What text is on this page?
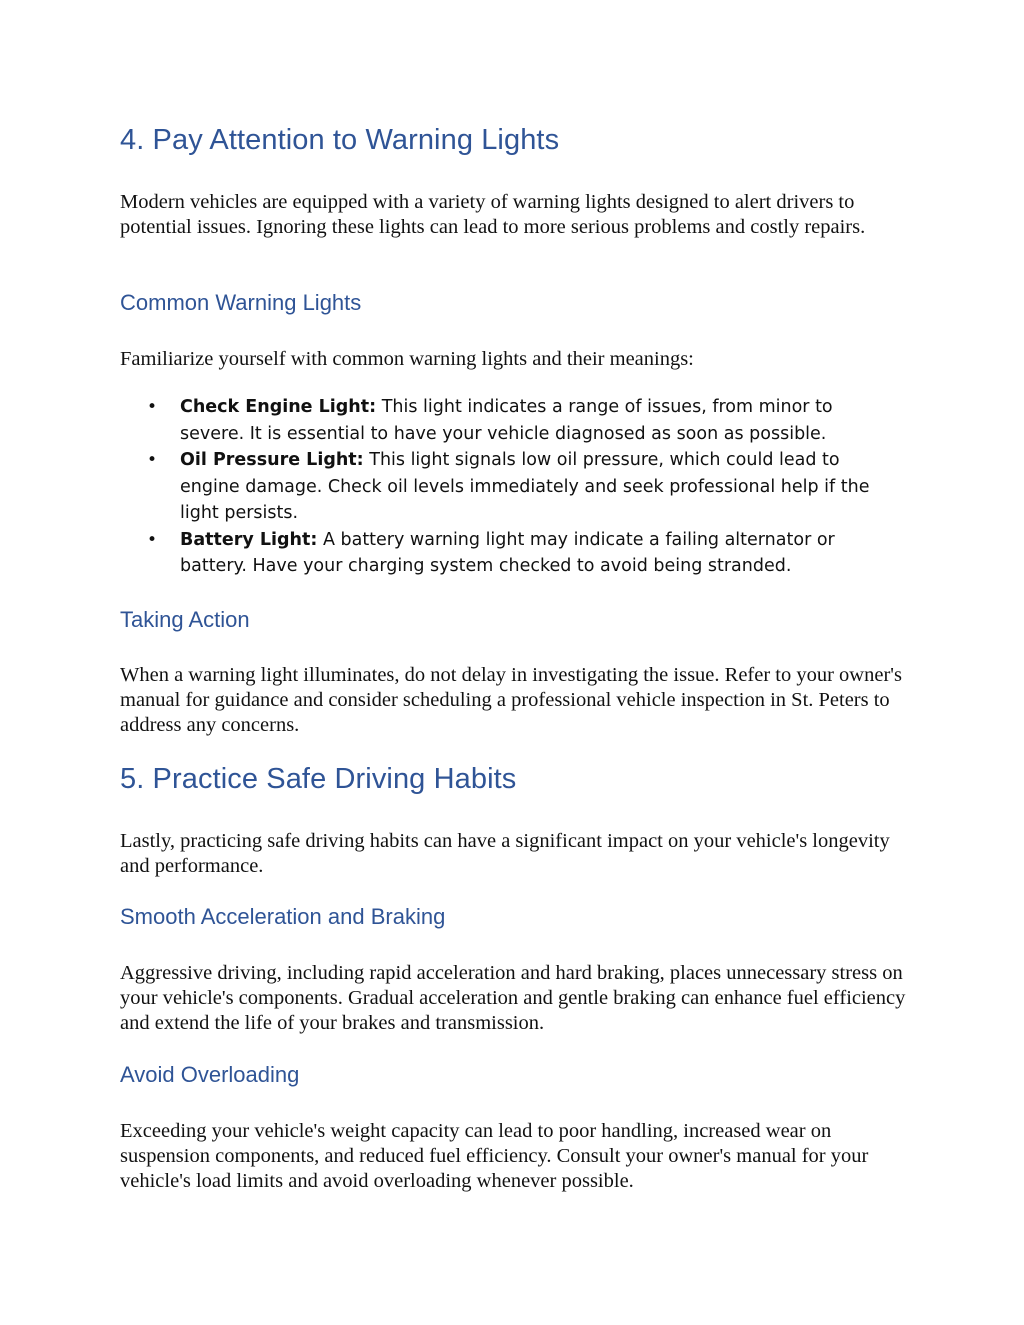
4. Pay Attention to Warning Lights

Modern vehicles are equipped with a variety of warning lights designed to alert drivers to potential issues. Ignoring these lights can lead to more serious problems and costly repairs.

Common Warning Lights

Familiarize yourself with common warning lights and their meanings:

• Check Engine Light: This light indicates a range of issues, from minor to severe. It is essential to have your vehicle diagnosed as soon as possible.
• Oil Pressure Light: This light signals low oil pressure, which could lead to engine damage. Check oil levels immediately and seek professional help if the light persists.
• Battery Light: A battery warning light may indicate a failing alternator or battery. Have your charging system checked to avoid being stranded.
Taking Action

When a warning light illuminates, do not delay in investigating the issue. Refer to your owner's manual for guidance and consider scheduling a professional vehicle inspection in St. Peters to address any concerns.

5. Practice Safe Driving Habits

Lastly, practicing safe driving habits can have a significant impact on your vehicle's longevity and performance.

Smooth Acceleration and Braking

Aggressive driving, including rapid acceleration and hard braking, places unnecessary stress on your vehicle's components. Gradual acceleration and gentle braking can enhance fuel efficiency and extend the life of your brakes and transmission.

Avoid Overloading

Exceeding your vehicle's weight capacity can lead to poor handling, increased wear on suspension components, and reduced fuel efficiency. Consult your owner's manual for your vehicle's load limits and avoid overloading whenever possible.
